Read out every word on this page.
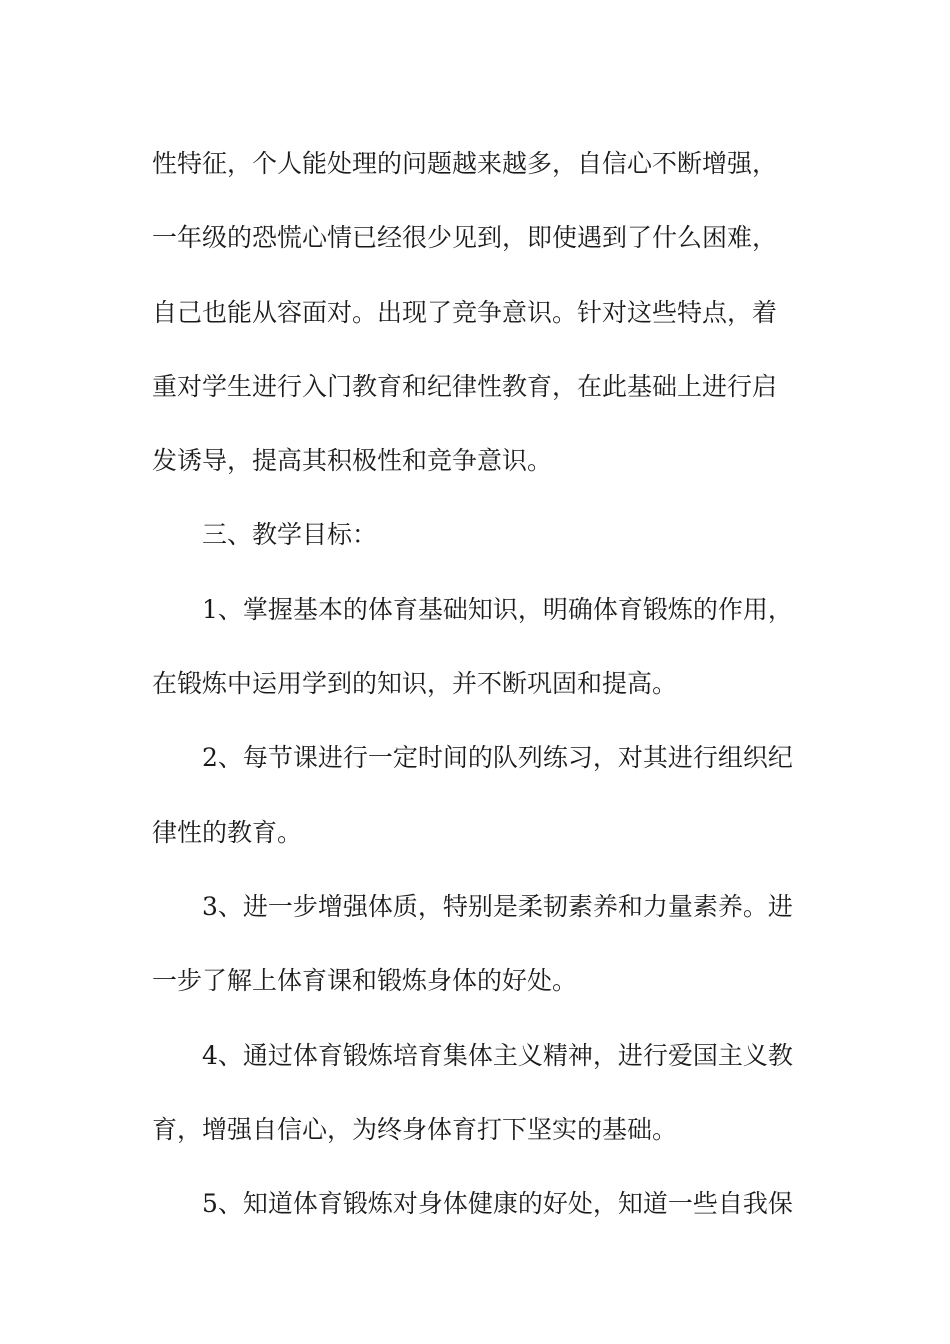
性特征，个人能处理的问题越来越多，自信心不断增强，
一年级的恐慌心情已经很少见到，即使遇到了什么困难，
自己也能从容面对。出现了竞争意识。针对这些特点，着
重对学生进行入门教育和纪律性教育，在此基础上进行启
发诱导，提高其积极性和竞争意识。
三、教学目标：
1、掌握基本的体育基础知识，明确体育锻炼的作用，
在锻炼中运用学到的知识，并不断巩固和提高。
2、每节课进行一定时间的队列练习，对其进行组织纪
律性的教育。
3、进一步增强体质，特别是柔韧素养和力量素养。进
一步了解上体育课和锻炼身体的好处。
4、通过体育锻炼培育集体主义精神，进行爱国主义教
育，增强自信心，为终身体育打下坚实的基础。
5、知道体育锻炼对身体健康的好处，知道一些自我保
